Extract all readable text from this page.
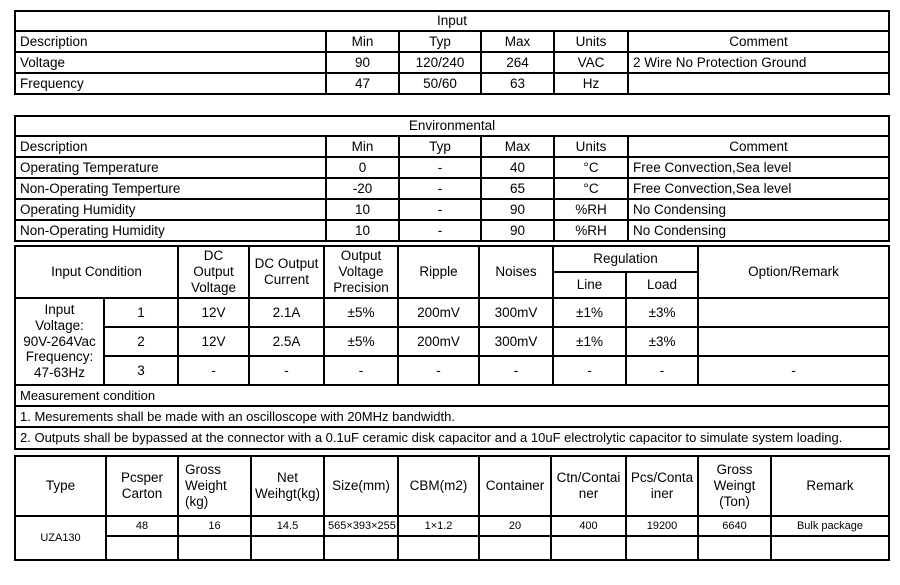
Input					
Description	Min	Typ	Max	Units	Comment
Voltage	90	120/240	264	VAC	2 Wire No Protection Ground
Frequency	47	50/60	63	Hz	
Environmental					
Description	Min	Typ	Max	Units	Comment
Operating Temperature	0	-	40	°C	Free Convection,Sea level
Non-Operating Temperture	-20	-	65	°C	Free Convection,Sea level
Operating Humidity	10	-	90	%RH	No Condensing
Non-Operating Humidity	10	-	90	%RH	No Condensing
Input Condition		DC Output Voltage	DC Output Current	Output Voltage Precision	Ripple	Noises	Regulation		Option/Remark
							Line	Load	

Input Voltage:
90V-264Vac
Frequency:
47-63Hz	1	12V	2.1A	±5%	200mV	300mV	±1%	±3%	
	2	12V	2.5A	±5%	200mV	300mV	±1%	±3%	
	3	-	-	-	-	-	-	-	-
Measurement condition									
1. Mesurements shall be made with an oscilloscope with 20MHz bandwidth.									
2. Outputs shall be bypassed at the connector with a 0.1uF ceramic disk capacitor and a 10uF electrolytic capacitor to simulate system loading.									
Type	Pcsper Carton	Gross Weight (kg)	Net Weihgt(kg)	Size(mm)	CBM(m2)	Container	Ctn/Container	Pcs/Container	Gross Weingt (Ton)	Remark
UZA130	48	16	14.5	565×393×255	1×1.2	20	400	19200	6640	Bulk package
